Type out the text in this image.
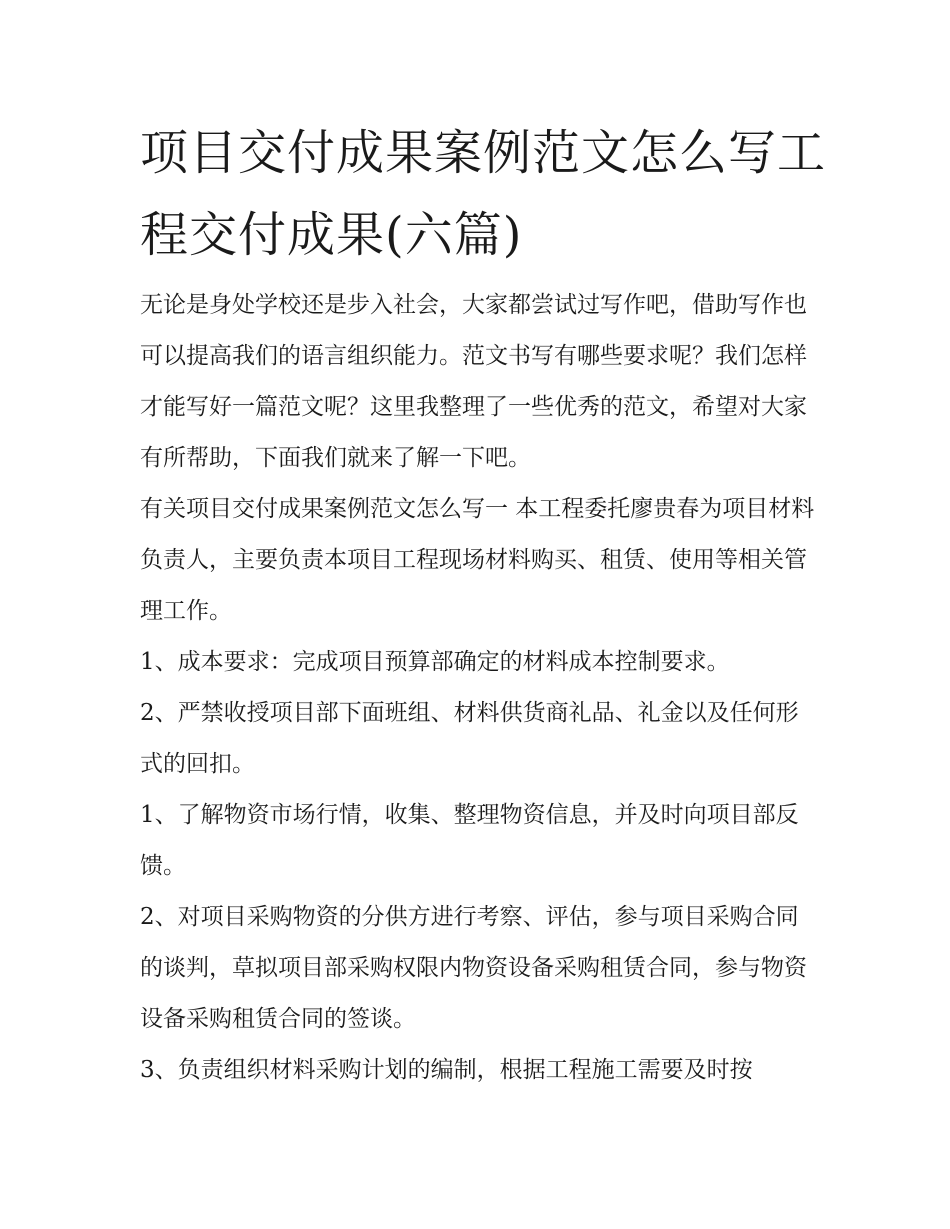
项目交付成果案例范文怎么写工程交付成果(六篇)

无论是身处学校还是步入社会，大家都尝试过写作吧，借助写作也可以提高我们的语言组织能力。范文书写有哪些要求呢？我们怎样才能写好一篇范文呢？这里我整理了一些优秀的范文，希望对大家有所帮助，下面我们就来了解一下吧。

有关项目交付成果案例范文怎么写一 本工程委托廖贵春为项目材料负责人，主要负责本项目工程现场材料购买、租赁、使用等相关管理工作。

1、成本要求：完成项目预算部确定的材料成本控制要求。

2、严禁收授项目部下面班组、材料供货商礼品、礼金以及任何形式的回扣。

1、了解物资市场行情，收集、整理物资信息，并及时向项目部反馈。

2、对项目采购物资的分供方进行考察、评估，参与项目采购合同的谈判，草拟项目部采购权限内物资设备采购租赁合同，参与物资设备采购租赁合同的签谈。

3、负责组织材料采购计划的编制，根据工程施工需要及时按
